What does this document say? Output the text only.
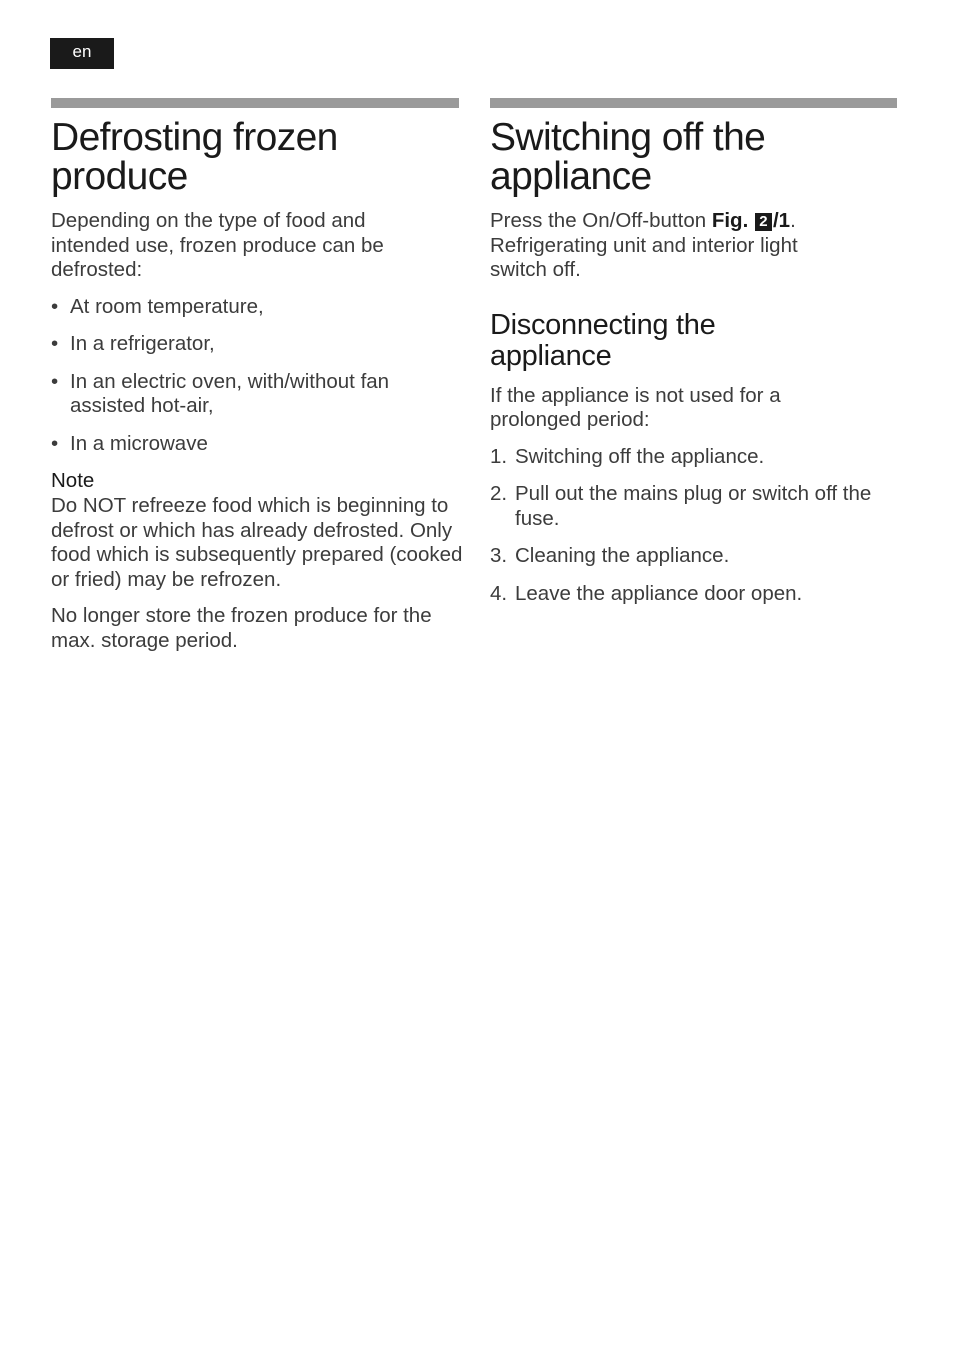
en
Defrosting frozen produce

Depending on the type of food and intended use, frozen produce can be defrosted:

• At room temperature,
• In a refrigerator,
• In an electric oven, with/without fan assisted hot-air,
• In a microwave
Note

Do NOT refreeze food which is beginning to defrost or which has already defrosted. Only food which is subsequently prepared (cooked or fried) may be refrozen.

No longer store the frozen produce for the max. storage period.

Switching off the appliance

Press the On/Off-button Fig. 2 /1. Refrigerating unit and interior light switch off.

Disconnecting the appliance

If the appliance is not used for a prolonged period:

1. Switching off the appliance.
2. Pull out the mains plug or switch off the fuse.
3. Cleaning the appliance.
4. Leave the appliance door open.
